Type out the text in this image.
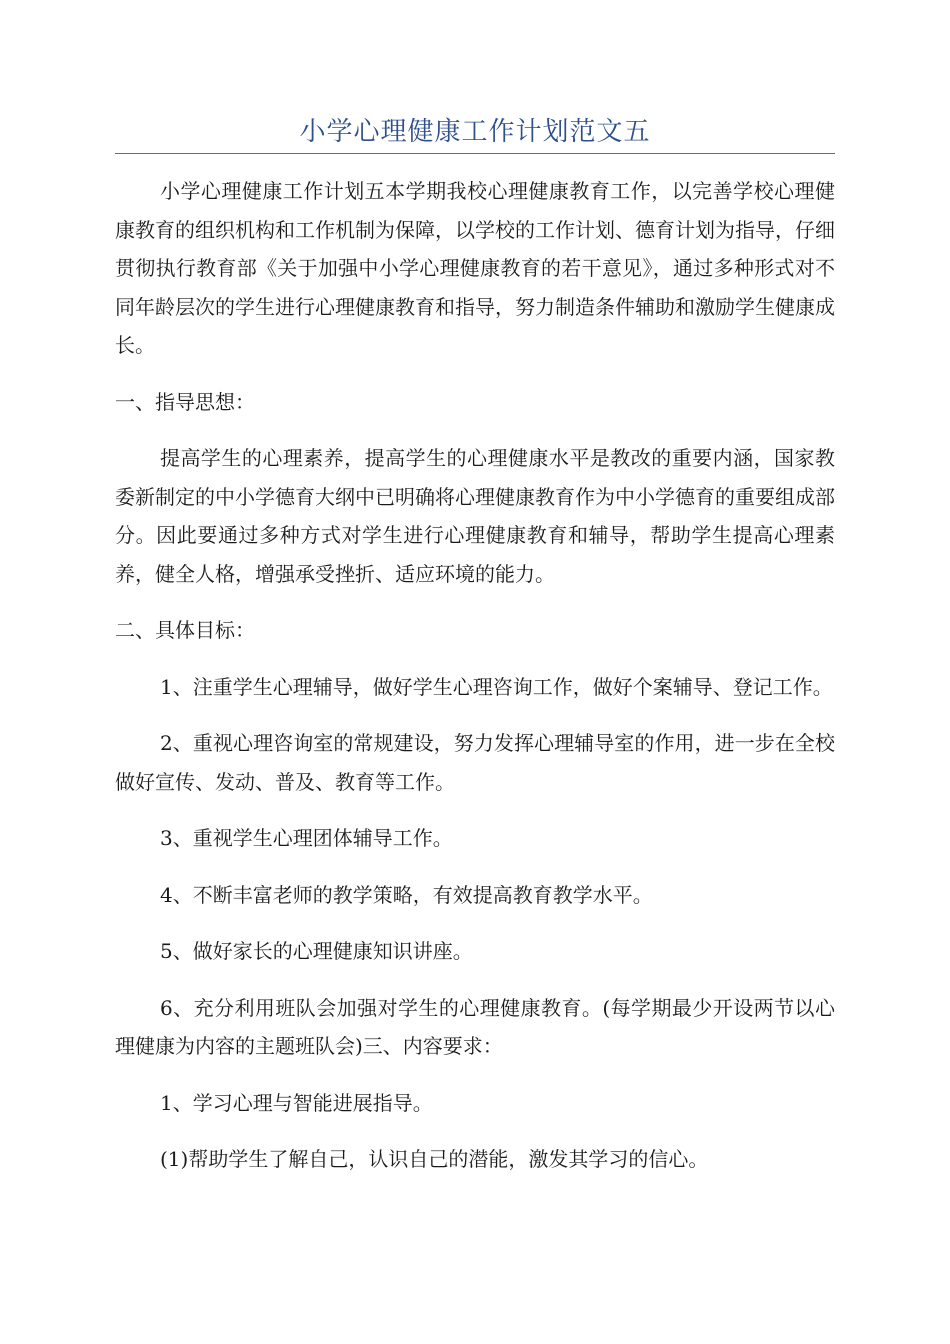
小学心理健康工作计划范文五

小学心理健康工作计划五本学期我校心理健康教育工作，以完善学校心理健康教育的组织机构和工作机制为保障，以学校的工作计划、德育计划为指导，仔细贯彻执行教育部《关于加强中小学心理健康教育的若干意见》，通过多种形式对不同年龄层次的学生进行心理健康教育和指导，努力制造条件辅助和激励学生健康成长。

一、指导思想：

提高学生的心理素养，提高学生的心理健康水平是教改的重要内涵，国家教委新制定的中小学德育大纲中已明确将心理健康教育作为中小学德育的重要组成部分。因此要通过多种方式对学生进行心理健康教育和辅导，帮助学生提高心理素养，健全人格，增强承受挫折、适应环境的能力。

二、具体目标：

1、注重学生心理辅导，做好学生心理咨询工作，做好个案辅导、登记工作。

2、重视心理咨询室的常规建设，努力发挥心理辅导室的作用，进一步在全校做好宣传、发动、普及、教育等工作。

3、重视学生心理团体辅导工作。

4、不断丰富老师的教学策略，有效提高教育教学水平。

5、做好家长的心理健康知识讲座。

6、充分利用班队会加强对学生的心理健康教育。(每学期最少开设两节以心理健康为内容的主题班队会)三、内容要求：

1、学习心理与智能进展指导。

(1)帮助学生了解自己，认识自己的潜能，激发其学习的信心。
